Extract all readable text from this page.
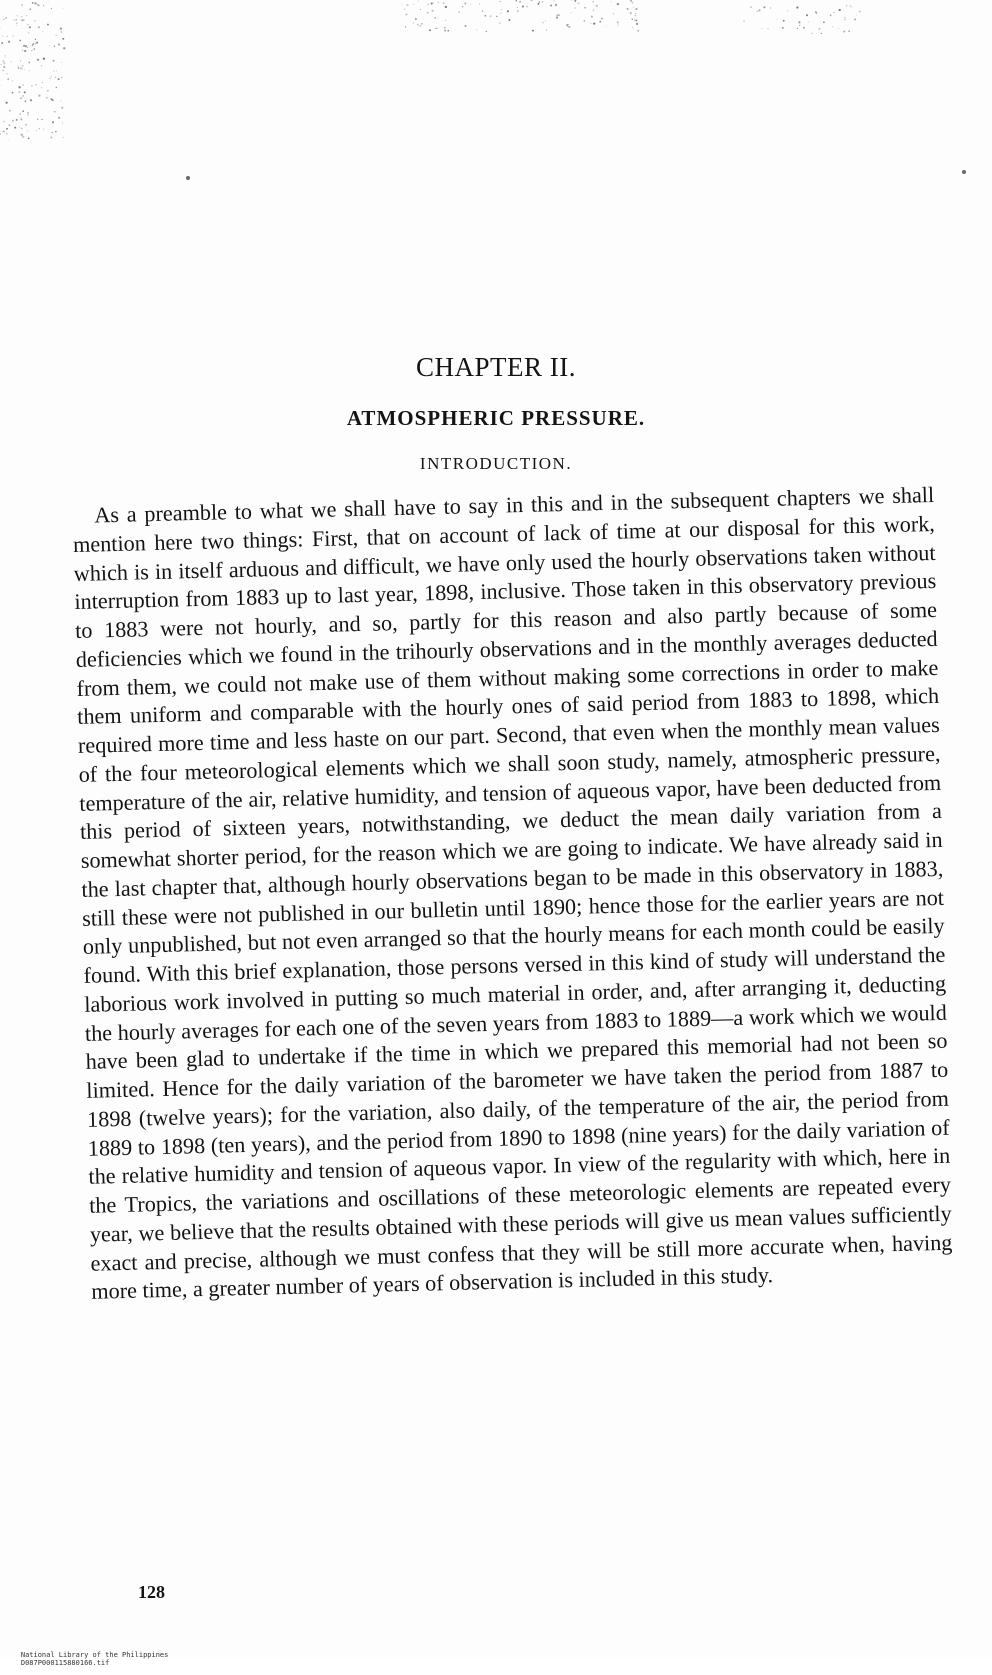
CHAPTER II.
ATMOSPHERIC PRESSURE.
INTRODUCTION.

As a preamble to what we shall have to say in this and in the subsequent chapters we shall mention here two things: First, that on account of lack of time at our disposal for this work, which is in itself arduous and difficult, we have only used the hourly observations taken without interruption from 1883 up to last year, 1898, inclusive. Those taken in this observatory previous to 1883 were not hourly, and so, partly for this reason and also partly because of some deficiencies which we found in the trihourly observations and in the monthly averages deducted from them, we could not make use of them without making some corrections in order to make them uniform and comparable with the hourly ones of said period from 1883 to 1898, which required more time and less haste on our part. Second, that even when the monthly mean values of the four meteorological elements which we shall soon study, namely, atmospheric pressure, temperature of the air, relative humidity, and tension of aqueous vapor, have been deducted from this period of sixteen years, notwithstanding, we deduct the mean daily variation from a somewhat shorter period, for the reason which we are going to indicate. We have already said in the last chapter that, although hourly observations began to be made in this observatory in 1883, still these were not published in our bulletin until 1890; hence those for the earlier years are not only unpublished, but not even arranged so that the hourly means for each month could be easily found. With this brief explanation, those persons versed in this kind of study will understand the laborious work involved in putting so much material in order, and, after arranging it, deducting the hourly averages for each one of the seven years from 1883 to 1889—a work which we would have been glad to undertake if the time in which we prepared this memorial had not been so limited. Hence for the daily variation of the barometer we have taken the period from 1887 to 1898 (twelve years); for the variation, also daily, of the temperature of the air, the period from 1889 to 1898 (ten years), and the period from 1890 to 1898 (nine years) for the daily variation of the relative humidity and tension of aqueous vapor. In view of the regularity with which, here in the Tropics, the variations and oscillations of these meteorologic elements are repeated every year, we believe that the results obtained with these periods will give us mean values sufficiently exact and precise, although we must confess that they will be still more accurate when, having more time, a greater number of years of observation is included in this study.

128

National Library of the Philippines
D087P000115880166.tif
